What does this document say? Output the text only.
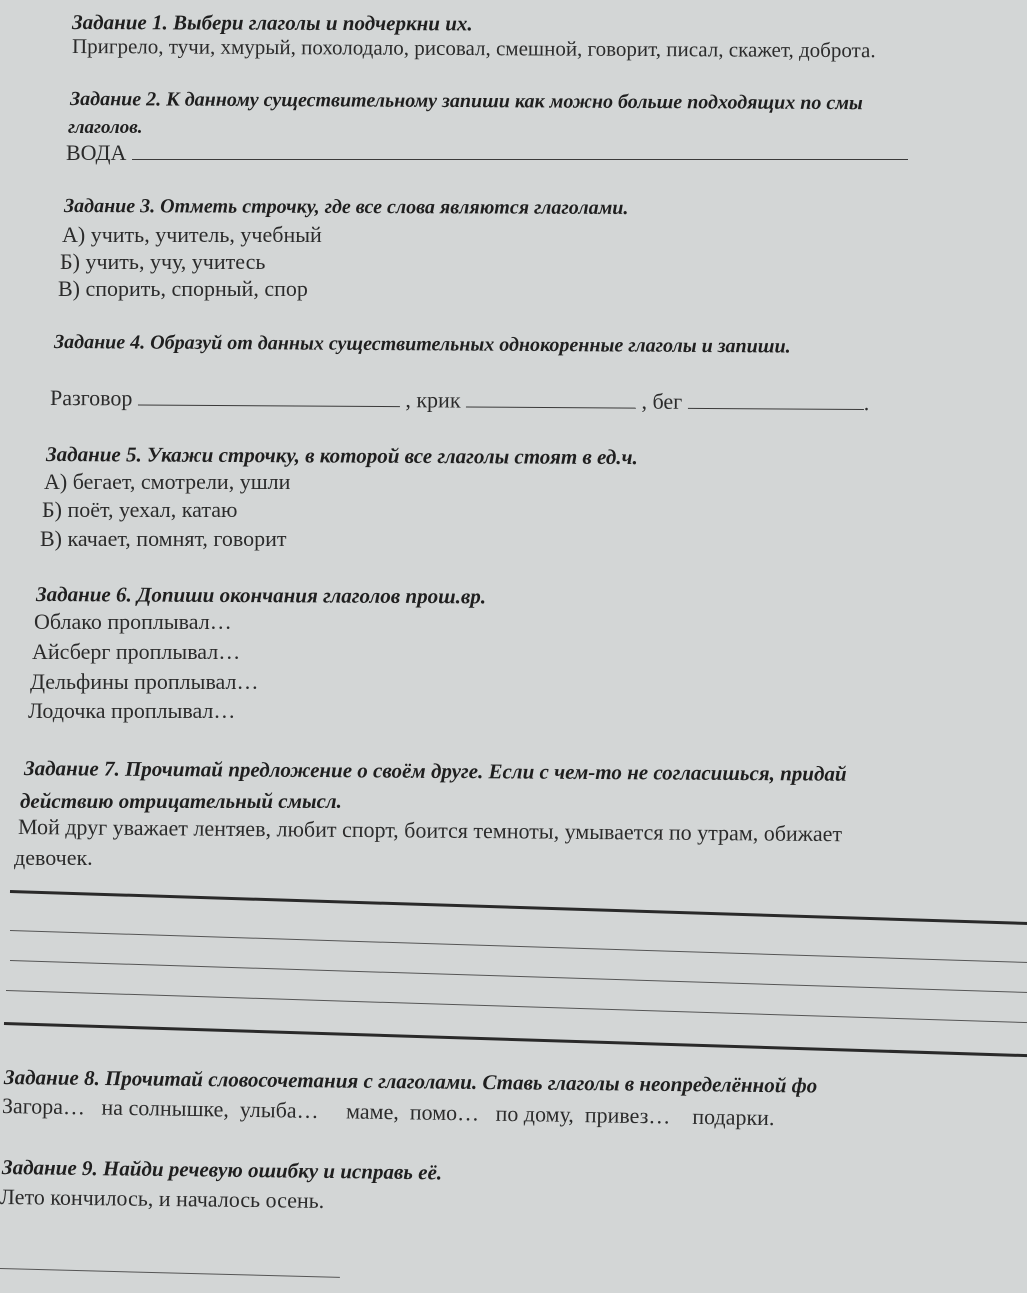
Задание 1. Выбери глаголы и подчеркни их.
Пригрело, тучи, хмурый, похолодало, рисовал, смешной, говорит, писал, скажет, доброта.
Задание 2. К данному существительному запиши как можно больше подходящих по смы
глаголов.
ВОДА
Задание 3. Отметь строчку, где все слова являются глаголами.
А) учить, учитель, учебный
Б) учить, учу, учитесь
В) спорить, спорный, спор
Задание 4. Образуй от данных существительных однокоренные глаголы и запиши.
Разговор	, крик	, бег	.
Задание 5. Укажи строчку, в которой все глаголы стоят в ед.ч.
А) бегает, смотрели, ушли
Б) поёт, уехал, катаю
В) качает, помнят, говорит
Задание 6. Допиши окончания глаголов прош.вр.
Облако проплывал…
Айсберг проплывал…
Дельфины проплывал…
Лодочка проплывал…
Задание 7. Прочитай предложение о своём друге. Если с чем-то не согласишься, придай
действию отрицательный смысл.
Мой друг уважает лентяев, любит спорт, боится темноты, умывается по утрам, обижает
девочек.
Задание 8. Прочитай словосочетания с глаголами. Ставь глаголы в неопределённой фо
Загора…   на солнышке,  улыба…     маме,  помо…   по дому,  привез…    подарки.
Задание 9. Найди речевую ошибку и исправь её.
Лето кончилось, и началось осень.
